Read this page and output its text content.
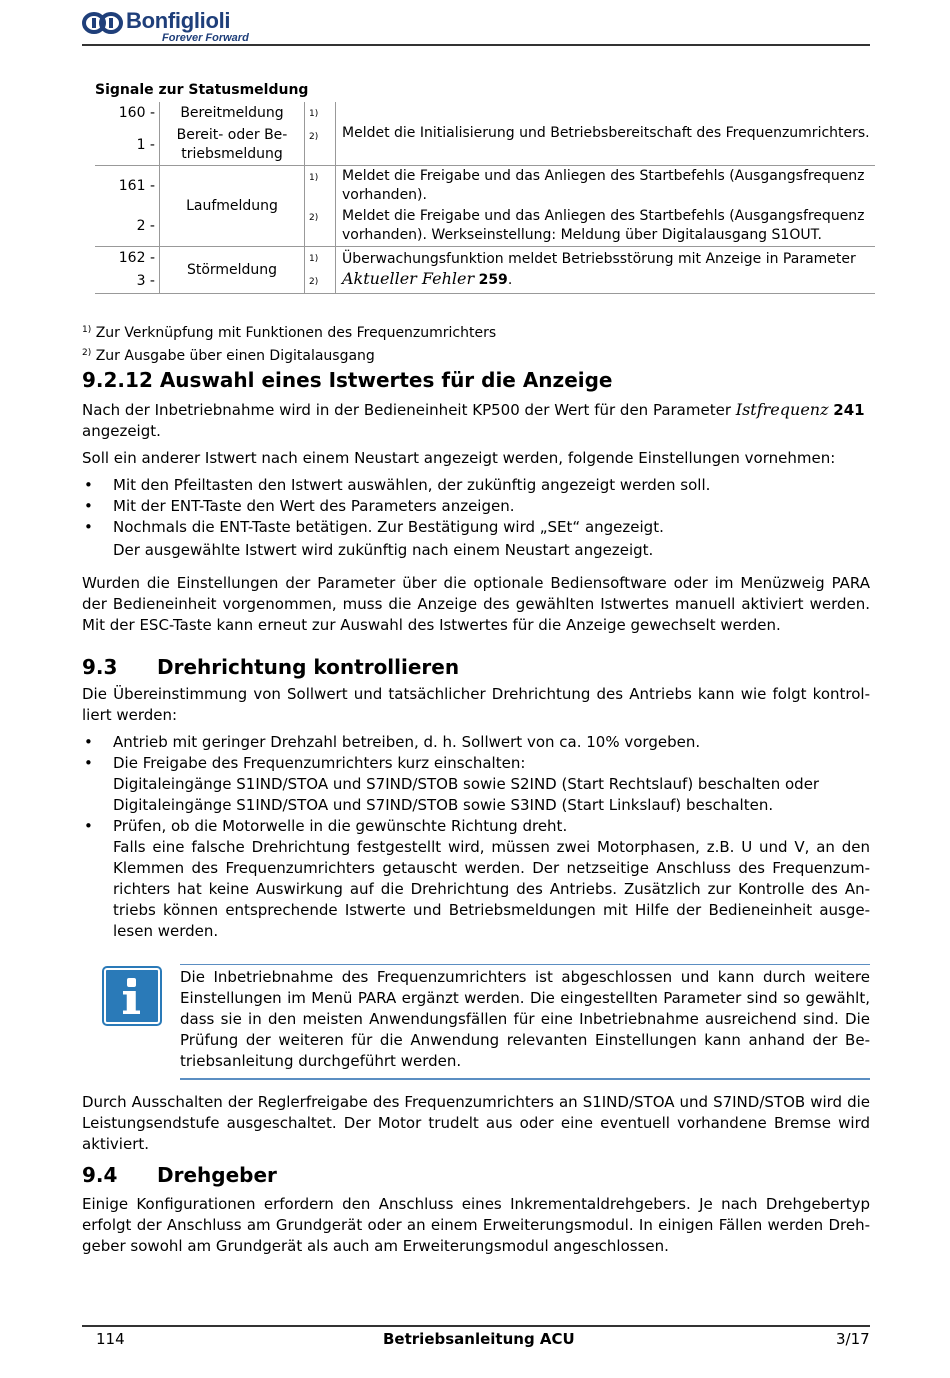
Bonfiglioli
Forever Forward
Signale zur Statusmeldung
160 -	Bereitmeldung	1)	Meldet die Initialisierung und Betriebsbereitschaft des Frequenzumrichters.
1 -	Bereit- oder Be-triebsmeldung	2)	
161 -	Laufmeldung	1)	Meldet die Freigabe und das Anliegen des Startbefehls (Ausgangsfrequenz vorhanden).
2 -		2)	Meldet die Freigabe und das Anliegen des Startbefehls (Ausgangsfrequenz vorhanden). Werkseinstellung: Meldung über Digitalausgang S1OUT.
162 -	Störmeldung	1)	Überwachungsfunktion meldet Betriebsstörung mit Anzeige in Parameter Aktueller Fehler 259.
3 -		2)	
$^{1)}$ Zur Verknüpfung mit Funktionen des Frequenzumrichters
$^{2)}$ Zur Ausgabe über einen Digitalausgang
9.2.12 Auswahl eines Istwertes für die Anzeige
Nach der Inbetriebnahme wird in der Bedieneinheit KP500 der Wert für den Parameter Istfrequenz 241
angezeigt.
Soll ein anderer Istwert nach einem Neustart angezeigt werden, folgende Einstellungen vornehmen:
• Mit den Pfeiltasten den Istwert auswählen, der zukünftig angezeigt werden soll.
• Mit der ENT-Taste den Wert des Parameters anzeigen.
• Nochmals die ENT-Taste betätigen. Zur Bestätigung wird „SEt“ angezeigt.
Der ausgewählte Istwert wird zukünftig nach einem Neustart angezeigt.
Wurden die Einstellungen der Parameter über die optionale Bediensoftware oder im Menüzweig PARA der Bedieneinheit vorgenommen, muss die Anzeige des gewählten Istwertes manuell aktiviert werden. Mit der ESC-Taste kann erneut zur Auswahl des Istwertes für die Anzeige gewechselt werden.
9.3 Drehrichtung kontrollieren
Die Übereinstimmung von Sollwert und tatsächlicher Drehrichtung des Antriebs kann wie folgt kontrol-liert werden:
• Antrieb mit geringer Drehzahl betreiben, d. h. Sollwert von ca. 10% vorgeben.
• Die Freigabe des Frequenzumrichters kurz einschalten:
Digitaleingänge S1IND/STOA und S7IND/STOB sowie S2IND (Start Rechtslauf) beschalten oder
Digitaleingänge S1IND/STOA und S7IND/STOB sowie S3IND (Start Linkslauf) beschalten.
• Prüfen, ob die Motorwelle in die gewünschte Richtung dreht.

Falls eine falsche Drehrichtung festgestellt wird, müssen zwei Motorphasen, z.B. U und V, an den Klemmen des Frequenzumrichters getauscht werden. Der netzseitige Anschluss des Frequenzum-richters hat keine Auswirkung auf die Drehrichtung des Antriebs. Zusätzlich zur Kontrolle des An-triebs können entsprechende Istwerte und Betriebsmeldungen mit Hilfe der Bedieneinheit ausge-lesen werden.
Die Inbetriebnahme des Frequenzumrichters ist abgeschlossen und kann durch weitere Einstellungen im Menü PARA ergänzt werden. Die eingestellten Parameter sind so gewählt, dass sie in den meisten Anwendungsfällen für eine Inbetriebnahme ausreichend sind. Die Prüfung der weiteren für die Anwendung relevanten Einstellungen kann anhand der Be-triebsanleitung durchgeführt werden.
Durch Ausschalten der Reglerfreigabe des Frequenzumrichters an S1IND/STOA und S7IND/STOB wird die Leistungsendstufe ausgeschaltet. Der Motor trudelt aus oder eine eventuell vorhandene Bremse wird aktiviert.
9.4 Drehgeber
Einige Konfigurationen erfordern den Anschluss eines Inkrementaldrehgebers. Je nach Drehgebertyp erfolgt der Anschluss am Grundgerät oder an einem Erweiterungsmodul. In einigen Fällen werden Dreh-geber sowohl am Grundgerät als auch am Erweiterungsmodul angeschlossen.
114	Betriebsanleitung ACU	3/17
